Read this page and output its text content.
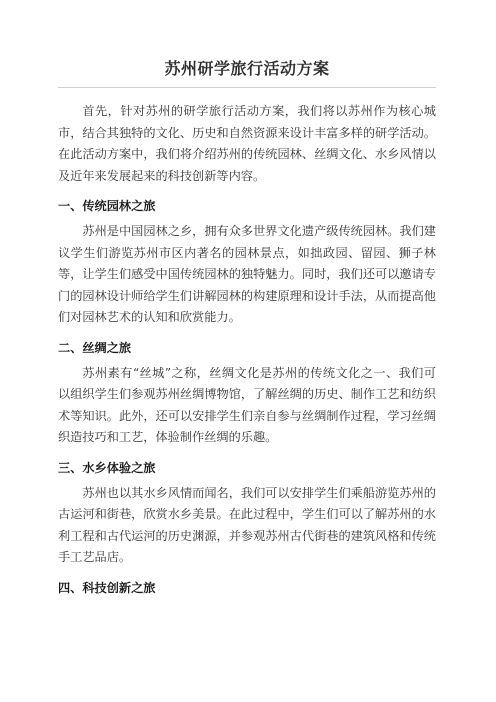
苏州研学旅行活动方案

首先，针对苏州的研学旅行活动方案，我们将以苏州作为核心城市，结合其独特的文化、历史和自然资源来设计丰富多样的研学活动。在此活动方案中，我们将介绍苏州的传统园林、丝绸文化、水乡风情以及近年来发展起来的科技创新等内容。

一、传统园林之旅

苏州是中国园林之乡，拥有众多世界文化遗产级传统园林。我们建议学生们游览苏州市区内著名的园林景点，如拙政园、留园、狮子林等，让学生们感受中国传统园林的独特魅力。同时，我们还可以邀请专门的园林设计师给学生们讲解园林的构建原理和设计手法，从而提高他们对园林艺术的认知和欣赏能力。

二、丝绸之旅

苏州素有“丝城”之称，丝绸文化是苏州的传统文化之一、我们可以组织学生们参观苏州丝绸博物馆，了解丝绸的历史、制作工艺和纺织术等知识。此外，还可以安排学生们亲自参与丝绸制作过程，学习丝绸织造技巧和工艺，体验制作丝绸的乐趣。

三、水乡体验之旅

苏州也以其水乡风情而闻名，我们可以安排学生们乘船游览苏州的古运河和街巷，欣赏水乡美景。在此过程中，学生们可以了解苏州的水利工程和古代运河的历史渊源，并参观苏州古代街巷的建筑风格和传统手工艺品店。

四、科技创新之旅
